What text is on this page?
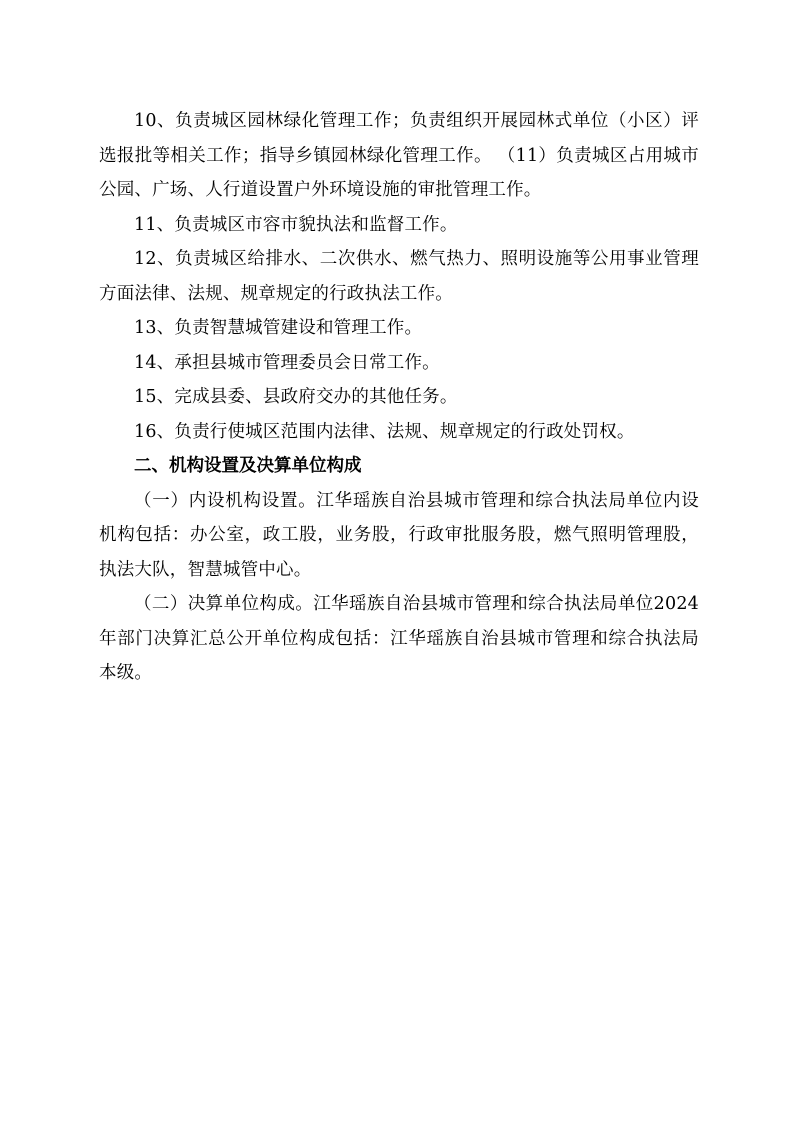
10、负责城区园林绿化管理工作；负责组织开展园林式单位（小区）评选报批等相关工作；指导乡镇园林绿化管理工作。 （11）负责城区占用城市公园、广场、人行道设置户外环境设施的审批管理工作。

11、负责城区市容市貌执法和监督工作。

12、负责城区给排水、二次供水、燃气热力、照明设施等公用事业管理方面法律、法规、规章规定的行政执法工作。

13、负责智慧城管建设和管理工作。

14、承担县城市管理委员会日常工作。

15、完成县委、县政府交办的其他任务。

16、负责行使城区范围内法律、法规、规章规定的行政处罚权。

二、机构设置及决算单位构成

（一）内设机构设置。江华瑶族自治县城市管理和综合执法局单位内设机构包括：办公室，政工股，业务股，行政审批服务股，燃气照明管理股，执法大队，智慧城管中心。

（二）决算单位构成。江华瑶族自治县城市管理和综合执法局单位2024年部门决算汇总公开单位构成包括：江华瑶族自治县城市管理和综合执法局本级。
